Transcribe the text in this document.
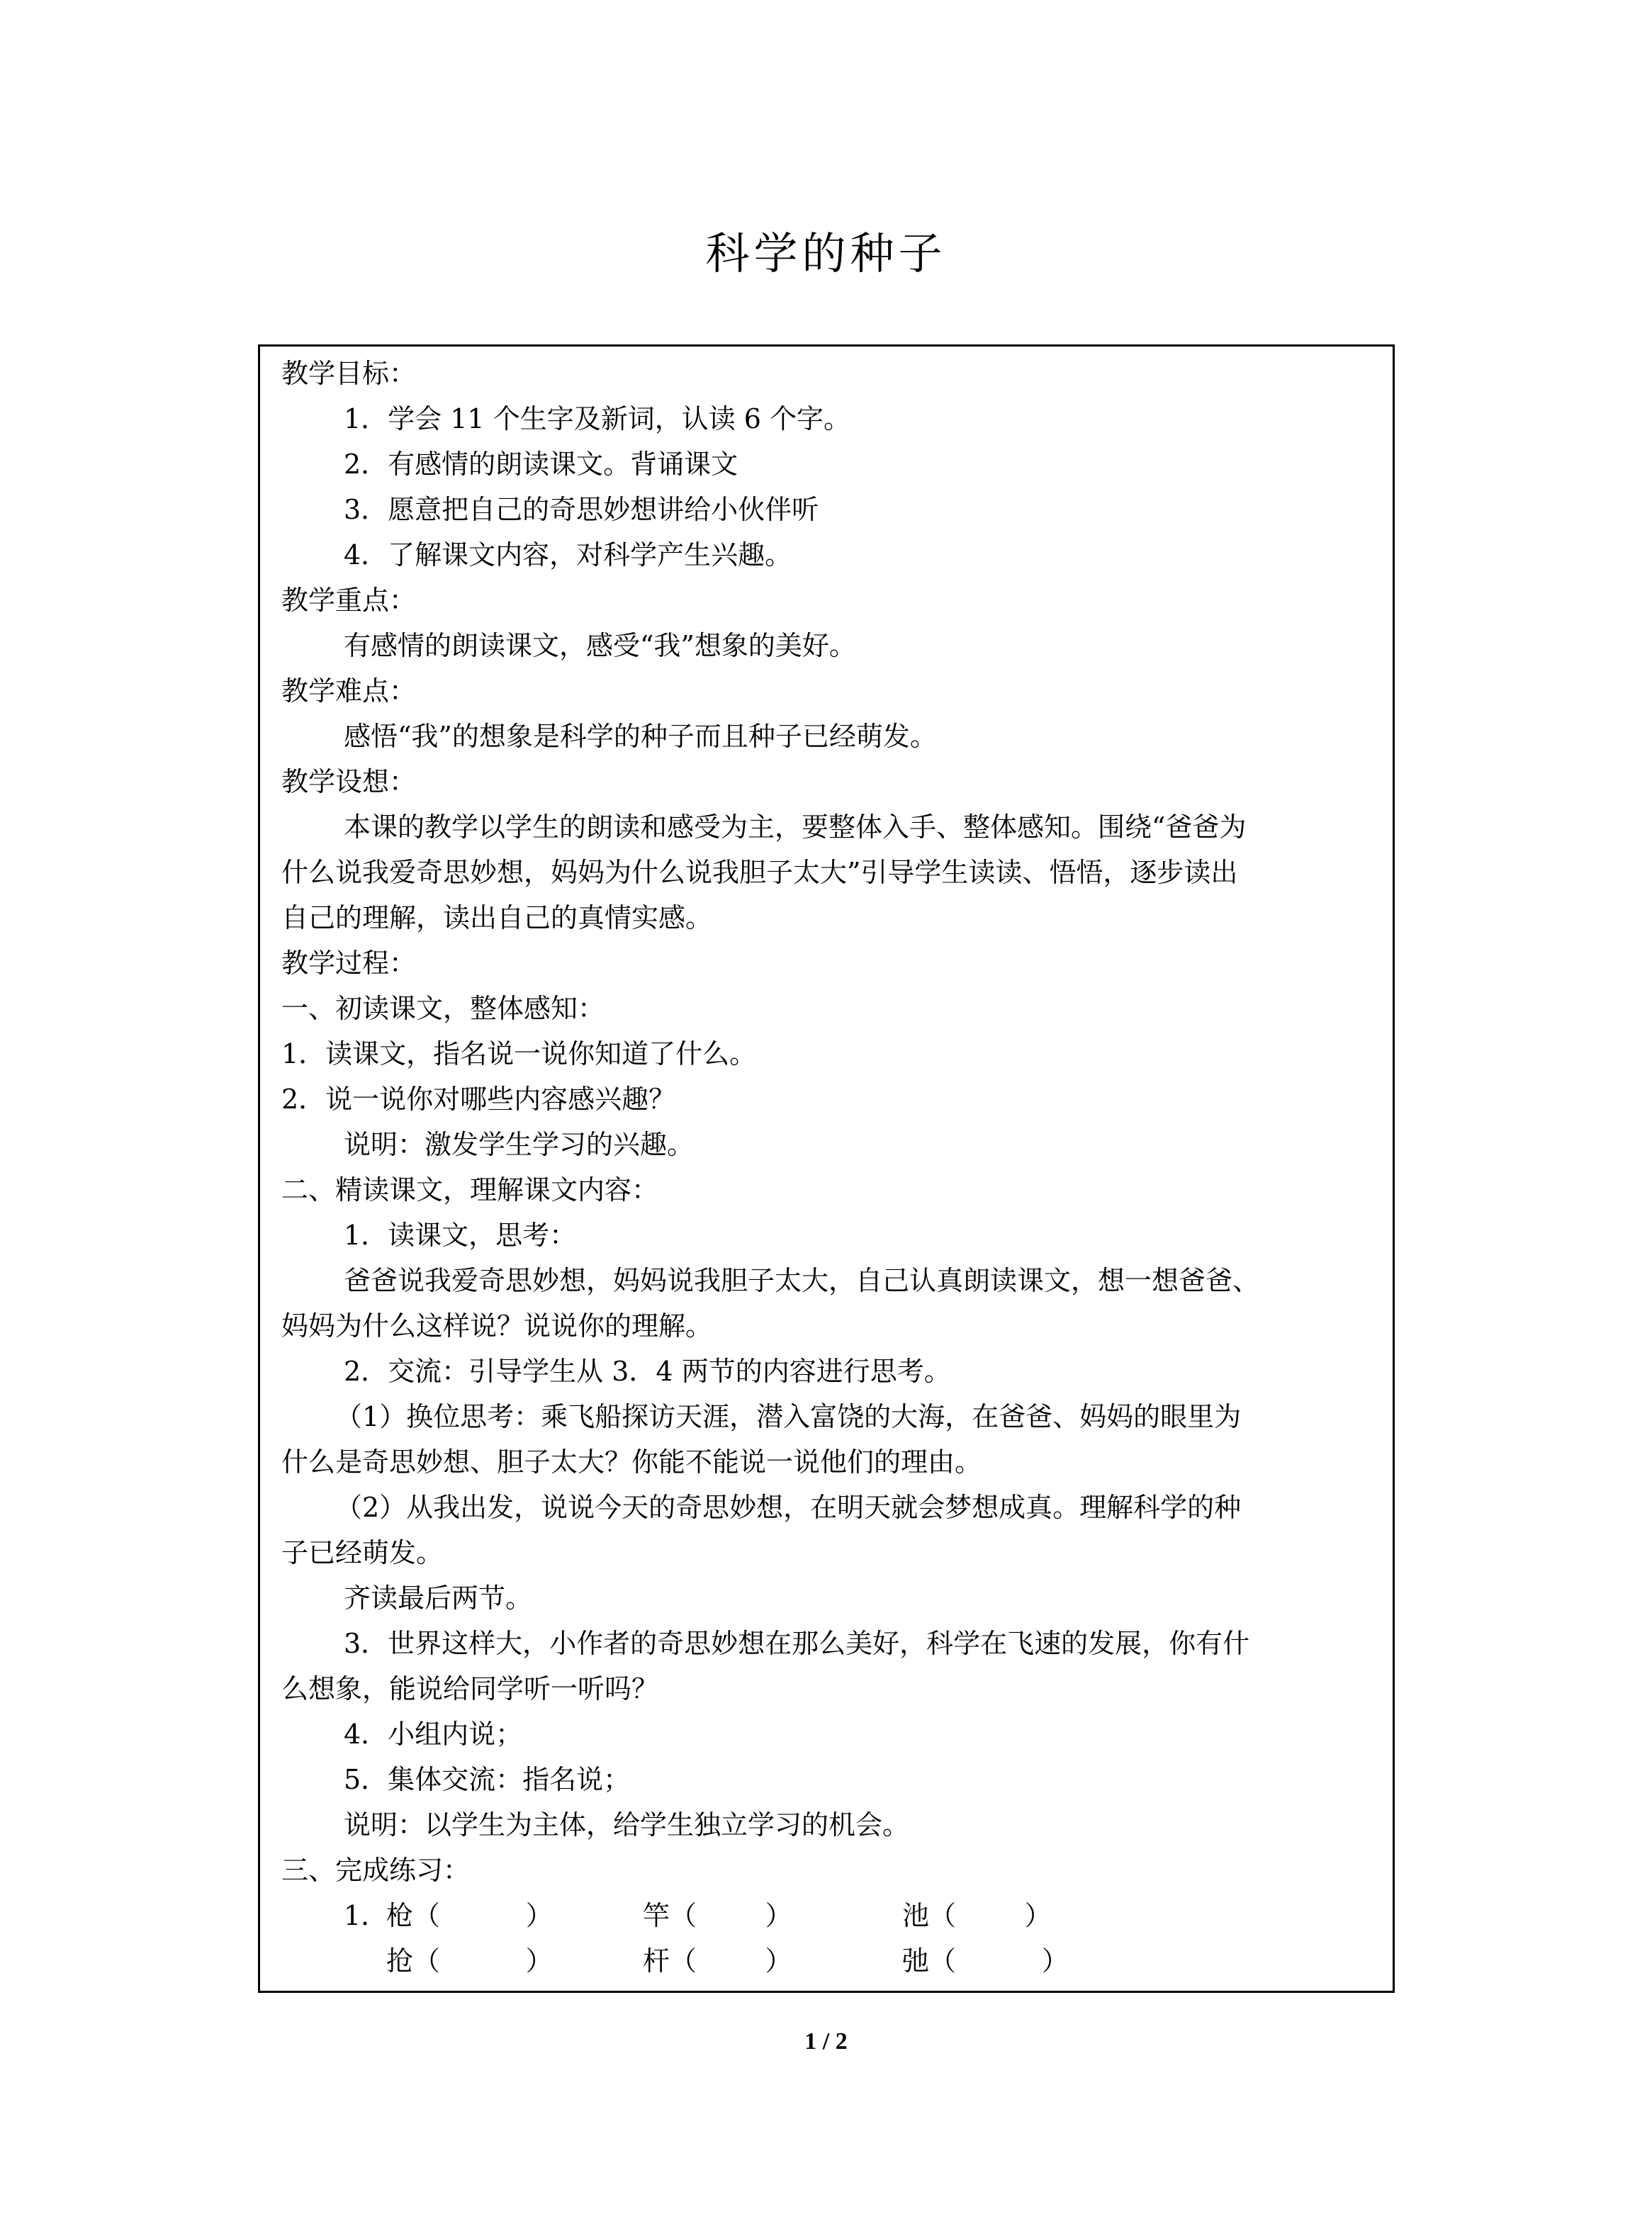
科学的种子
教学目标：
1．学会 11 个生字及新词，认读 6 个字。
2．有感情的朗读课文。背诵课文
3．愿意把自己的奇思妙想讲给小伙伴听
4．了解课文内容，对科学产生兴趣。
教学重点：
有感情的朗读课文，感受“我”想象的美好。
教学难点：
感悟“我”的想象是科学的种子而且种子已经萌发。
教学设想：
本课的教学以学生的朗读和感受为主，要整体入手、整体感知。围绕“爸爸为
什么说我爱奇思妙想，妈妈为什么说我胆子太大”引导学生读读、悟悟，逐步读出
自己的理解，读出自己的真情实感。
教学过程：
一、初读课文，整体感知：
1．读课文，指名说一说你知道了什么。
2．说一说你对哪些内容感兴趣？
说明：激发学生学习的兴趣。
二、精读课文，理解课文内容：
1．读课文，思考：
爸爸说我爱奇思妙想，妈妈说我胆子太大，自己认真朗读课文，想一想爸爸、
妈妈为什么这样说？说说你的理解。
2．交流：引导学生从 3．4 两节的内容进行思考。
（1）换位思考：乘飞船探访天涯，潜入富饶的大海，在爸爸、妈妈的眼里为
什么是奇思妙想、胆子太大？你能不能说一说他们的理由。
（2）从我出发，说说今天的奇思妙想，在明天就会梦想成真。理解科学的种
子已经萌发。
齐读最后两节。
3．世界这样大，小作者的奇思妙想在那么美好，科学在飞速的发展，你有什
么想象，能说给同学听一听吗？
4．小组内说；
5．集体交流：指名说；
说明：以学生为主体，给学生独立学习的机会。
三、完成练习：
1．
枪（          ）	竿（        ）	池（        ）
抢（          ）	杆（        ）	弛（          ）
1 / 2
